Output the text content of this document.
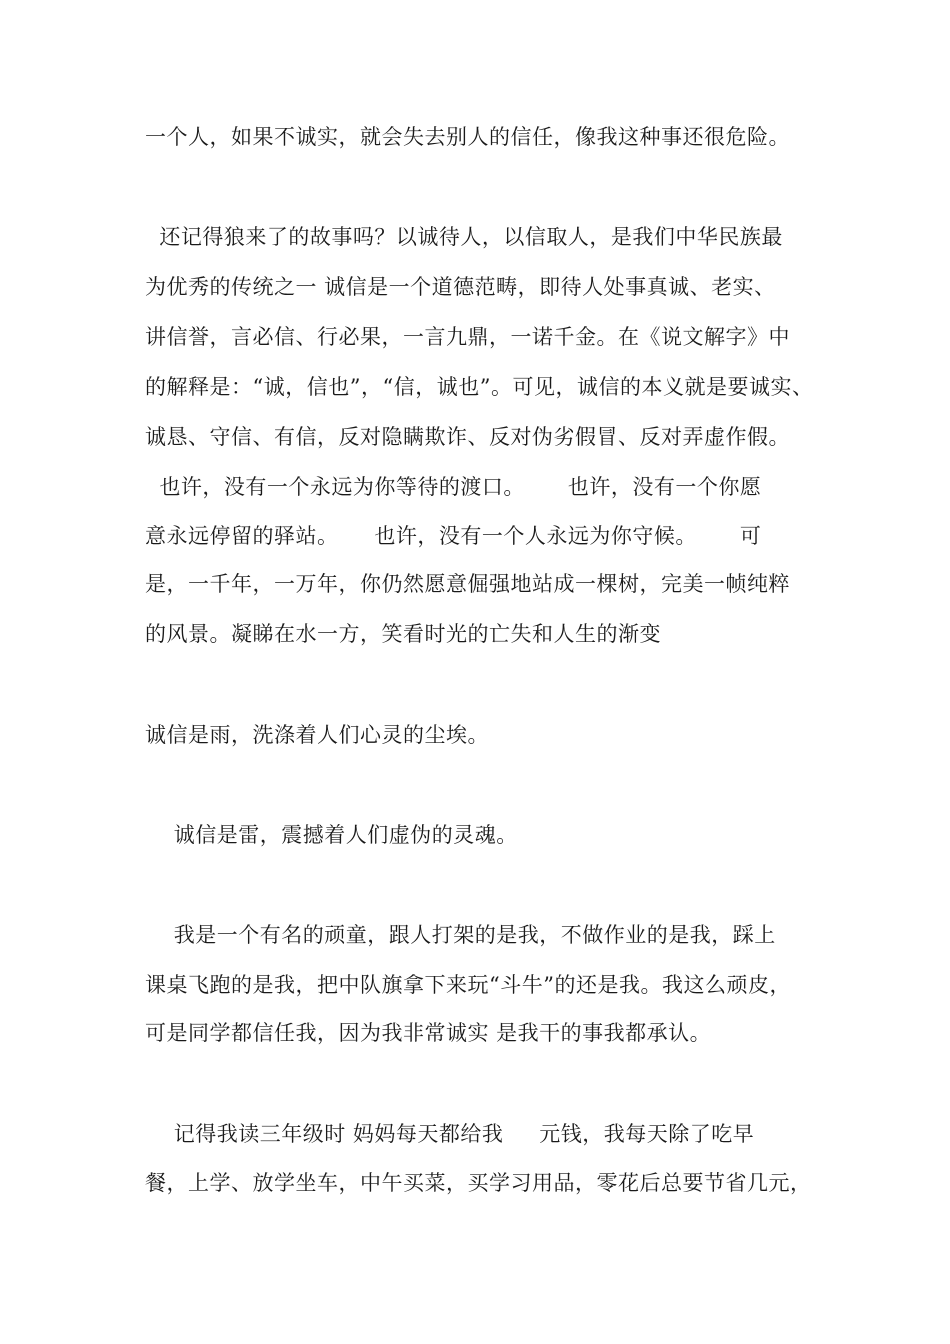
一个人，如果不诚实，就会失去别人的信任，像我这种事还很危险。
还记得狼来了的故事吗？以诚待人，以信取人，是我们中华民族最
为优秀的传统之一 诚信是一个道德范畴，即待人处事真诚、老实、
讲信誉，言必信、行必果，一言九鼎，一诺千金。在《说文解字》中
的解释是：“诚，信也”，“信，诚也”。可见，诚信的本义就是要诚实、
诚恳、守信、有信，反对隐瞒欺诈、反对伪劣假冒、反对弄虚作假。
也许，没有一个永远为你等待的渡口。      也许，没有一个你愿
意永远停留的驿站。     也许，没有一个人永远为你守候。      可
是，一千年，一万年，你仍然愿意倔强地站成一棵树，完美一帧纯粹
的风景。凝睇在水一方，笑看时光的亡失和人生的渐变
诚信是雨，洗涤着人们心灵的尘埃。
诚信是雷，震撼着人们虚伪的灵魂。
我是一个有名的顽童，跟人打架的是我，不做作业的是我，踩上
课桌飞跑的是我，把中队旗拿下来玩“斗牛”的还是我。我这么顽皮，
可是同学都信任我，因为我非常诚实 是我干的事我都承认。
记得我读三年级时 妈妈每天都给我     元钱，我每天除了吃早
餐，上学、放学坐车，中午买菜，买学习用品，零花后总要节省几元，
